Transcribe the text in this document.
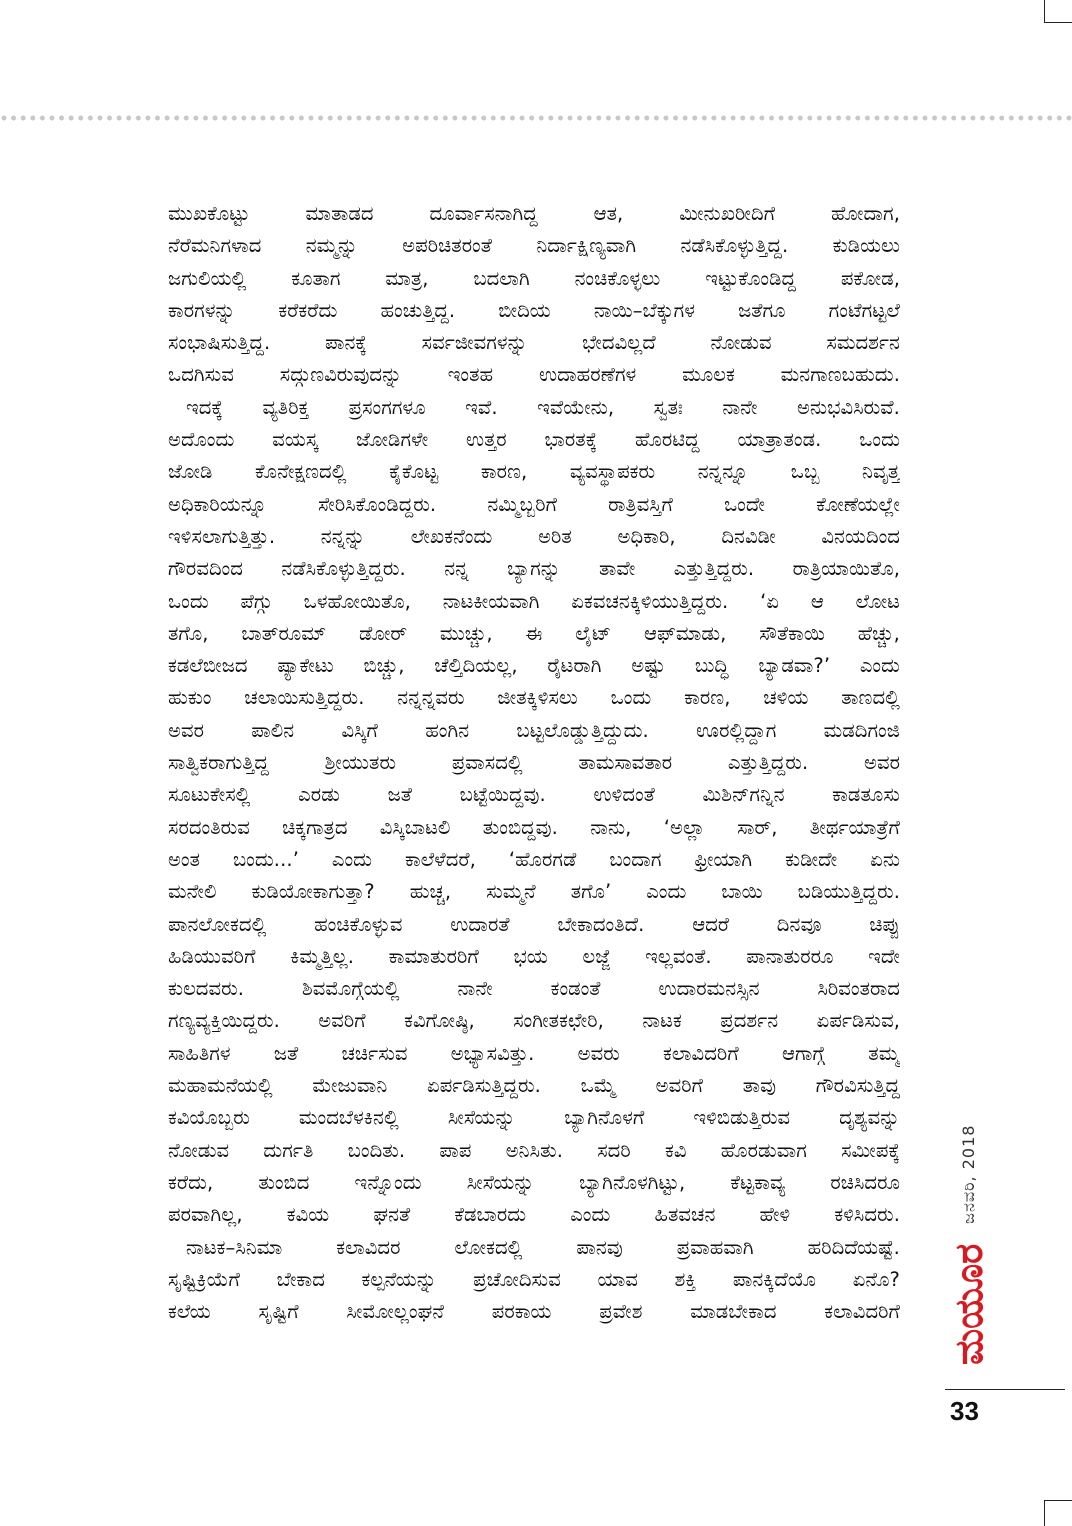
ಮುಖಕೊಟ್ಟು ಮಾತಾಡದ ದೂರ್ವಾಸನಾಗಿದ್ದ ಆತ, ಮೀನುಖರೀದಿಗೆ ಹೋದಾಗ,
ನೆರೆಮನಿಗಳಾದ ನಮ್ಮನ್ನು ಅಪರಿಚಿತರಂತೆ ನಿರ್ದಾಕ್ಷಿಣ್ಯವಾಗಿ ನಡೆಸಿಕೊಳ್ಳುತ್ತಿದ್ದ. ಕುಡಿಯಲು
ಜಗುಲಿಯಲ್ಲಿ ಕೂತಾಗ ಮಾತ್ರ, ಬದಲಾಗಿ ನಂಚಿಕೊಳ್ಳಲು ಇಟ್ಟುಕೊಂಡಿದ್ದ ಪಕೋಡ,
ಕಾರಗಳನ್ನು ಕರೆಕರೆದು ಹಂಚುತ್ತಿದ್ದ. ಬೀದಿಯ ನಾಯಿ–ಬೆಕ್ಕುಗಳ ಜತೆಗೂ ಗಂಟೆಗಟ್ಟಲೆ
ಸಂಭಾಷಿಸುತ್ತಿದ್ದ. ಪಾನಕ್ಕೆ ಸರ್ವಜೀವಗಳನ್ನು ಭೇದವಿಲ್ಲದೆ ನೋಡುವ ಸಮದರ್ಶನ
ಒದಗಿಸುವ ಸದ್ಗುಣವಿರುವುದನ್ನು ಇಂತಹ ಉದಾಹರಣೆಗಳ ಮೂಲಕ ಮನಗಾಣಬಹುದು.
ಇದಕ್ಕೆ ವ್ಯತಿರಿಕ್ತ ಪ್ರಸಂಗಗಳೂ ಇವೆ. ಇವೆಯೇನು, ಸ್ವತಃ ನಾನೇ ಅನುಭವಿಸಿರುವೆ.
ಅದೊಂದು ವಯಸ್ಕ ಜೋಡಿಗಳೇ ಉತ್ತರ ಭಾರತಕ್ಕೆ ಹೊರಟಿದ್ದ ಯಾತ್ರಾತಂಡ. ಒಂದು
ಜೋಡಿ ಕೊನೇಕ್ಷಣದಲ್ಲಿ ಕೈಕೊಟ್ಟ ಕಾರಣ, ವ್ಯವಸ್ಥಾಪಕರು ನನ್ನನ್ನೂ ಒಬ್ಬ ನಿವೃತ್ತ
ಅಧಿಕಾರಿಯನ್ನೂ ಸೇರಿಸಿಕೊಂಡಿದ್ದರು. ನಮ್ಮಿಬ್ಬರಿಗೆ ರಾತ್ರಿವಸ್ತಿಗೆ ಒಂದೇ ಕೋಣೆಯಲ್ಲೇ
ಇಳಿಸಲಾಗುತ್ತಿತ್ತು. ನನ್ನನ್ನು ಲೇಖಕನೆಂದು ಅರಿತ ಅಧಿಕಾರಿ, ದಿನವಿಡೀ ವಿನಯದಿಂದ
ಗೌರವದಿಂದ ನಡೆಸಿಕೊಳ್ಳುತ್ತಿದ್ದರು. ನನ್ನ ಬ್ಯಾಗನ್ನು ತಾವೇ ಎತ್ತುತ್ತಿದ್ದರು. ರಾತ್ರಿಯಾಯಿತೊ,
ಒಂದು ಪೆಗ್ಗು ಒಳಹೋಯಿತೊ, ನಾಟಕೀಯವಾಗಿ ಏಕವಚನಕ್ಕಿಳಿಯುತ್ತಿದ್ದರು. ‘ಏ ಆ ಲೋಟ
ತಗೊ, ಬಾತ್‌ರೂಮ್ ಡೋರ್ ಮುಚ್ಚು, ಈ ಲೈಟ್ ಆಫ್‌ಮಾಡು, ಸೌತೆಕಾಯಿ ಹೆಚ್ಚು,
ಕಡಲೆಬೀಜದ ಪ್ಯಾಕೇಟು ಬಿಚ್ಚು, ಚೆಲ್ತಿದಿಯಲ್ಲ, ರೈಟರಾಗಿ ಅಷ್ಟು ಬುದ್ಧಿ ಬ್ಯಾಡವಾ?’ ಎಂದು
ಹುಕುಂ ಚಲಾಯಿಸುತ್ತಿದ್ದರು. ನನ್ನನ್ನವರು ಜೀತಕ್ಕಿಳಿಸಲು ಒಂದು ಕಾರಣ, ಚಳಿಯ ತಾಣದಲ್ಲಿ
ಅವರ ಪಾಲಿನ ವಿಸ್ಕಿಗೆ ಹಂಗಿನ ಬಟ್ಟಲೊಡ್ಡುತ್ತಿದ್ದುದು. ಊರಲ್ಲಿದ್ದಾಗ ಮಡದಿಗಂಜಿ
ಸಾತ್ವಿಕರಾಗುತ್ತಿದ್ದ ಶ್ರೀಯುತರು ಪ್ರವಾಸದಲ್ಲಿ ತಾಮಸಾವತಾರ ಎತ್ತುತ್ತಿದ್ದರು. ಅವರ
ಸೂಟುಕೇಸಲ್ಲಿ ಎರಡು ಜತೆ ಬಟ್ಟೆಯಿದ್ದವು. ಉಳಿದಂತೆ ಮಿಶಿನ್‌ಗನ್ನಿನ ಕಾಡತೂಸು
ಸರದಂತಿರುವ ಚಿಕ್ಕಗಾತ್ರದ ವಿಸ್ಕಿಬಾಟಲಿ ತುಂಬಿದ್ದವು. ನಾನು, ‘ಅಲ್ಲಾ ಸಾರ್, ತೀರ್ಥಯಾತ್ರೆಗೆ
ಅಂತ ಬಂದು...’ ಎಂದು ಕಾಲೆಳೆದರೆ, ‘ಹೊರಗಡೆ ಬಂದಾಗ ಫ್ರೀಯಾಗಿ ಕುಡೀದೇ ಏನು
ಮನೇಲಿ ಕುಡಿಯೋಕಾಗುತ್ತಾ? ಹುಚ್ಚ, ಸುಮ್ಮನೆ ತಗೊ’ ಎಂದು ಬಾಯಿ ಬಡಿಯುತ್ತಿದ್ದರು.
ಪಾನಲೋಕದಲ್ಲಿ ಹಂಚಿಕೊಳ್ಳುವ ಉದಾರತೆ ಬೇಕಾದಂತಿದೆ. ಆದರೆ ದಿನವೂ ಚಿಪ್ಪು
ಹಿಡಿಯುವರಿಗೆ ಕಿಮ್ಮತ್ತಿಲ್ಲ. ಕಾಮಾತುರರಿಗೆ ಭಯ ಲಜ್ಜೆ ಇಲ್ಲವಂತೆ. ಪಾನಾತುರರೂ ಇದೇ
ಕುಲದವರು. ಶಿವಮೊಗ್ಗೆಯಲ್ಲಿ ನಾನೇ ಕಂಡಂತೆ ಉದಾರಮನಸ್ಸಿನ ಸಿರಿವಂತರಾದ
ಗಣ್ಯವ್ಯಕ್ತಿಯಿದ್ದರು. ಅವರಿಗೆ ಕವಿಗೋಷ್ಠಿ, ಸಂಗೀತಕಛೇರಿ, ನಾಟಕ ಪ್ರದರ್ಶನ ಏರ್ಪಡಿಸುವ,
ಸಾಹಿತಿಗಳ ಜತೆ ಚರ್ಚಿಸುವ ಅಭ್ಯಾಸವಿತ್ತು. ಅವರು ಕಲಾವಿದರಿಗೆ ಆಗಾಗ್ಗೆ ತಮ್ಮ
ಮಹಾಮನೆಯಲ್ಲಿ ಮೇಜುವಾನಿ ಏರ್ಪಡಿಸುತ್ತಿದ್ದರು. ಒಮ್ಮೆ ಅವರಿಗೆ ತಾವು ಗೌರವಿಸುತ್ತಿದ್ದ
ಕವಿಯೊಬ್ಬರು ಮಂದಬೆಳಕಿನಲ್ಲಿ ಸೀಸೆಯನ್ನು ಬ್ಯಾಗಿನೊಳಗೆ ಇಳಿಬಿಡುತ್ತಿರುವ ದೃಶ್ಯವನ್ನು
ನೋಡುವ ದುರ್ಗತಿ ಬಂದಿತು. ಪಾಪ ಅನಿಸಿತು. ಸದರಿ ಕವಿ ಹೊರಡುವಾಗ ಸಮೀಪಕ್ಕೆ
ಕರೆದು, ತುಂಬಿದ ಇನ್ನೊಂದು ಸೀಸೆಯನ್ನು ಬ್ಯಾಗಿನೊಳಗಿಟ್ಟು, ಕೆಟ್ಟಕಾವ್ಯ ರಚಿಸಿದರೂ
ಪರವಾಗಿಲ್ಲ, ಕವಿಯ ಘನತೆ ಕೆಡಬಾರದು ಎಂದು ಹಿತವಚನ ಹೇಳಿ ಕಳಿಸಿದರು.
ನಾಟಕ–ಸಿನಿಮಾ ಕಲಾವಿದರ ಲೋಕದಲ್ಲಿ ಪಾನವು ಪ್ರವಾಹವಾಗಿ ಹರಿದಿದೆಯಷ್ಟೆ.
ಸೃಷ್ಟಿಕ್ರಿಯೆಗೆ ಬೇಕಾದ ಕಲ್ಪನೆಯನ್ನು ಪ್ರಚೋದಿಸುವ ಯಾವ ಶಕ್ತಿ ಪಾನಕ್ಕಿದೆಯೊ ಏನೊ?
ಕಲೆಯ ಸೃಷ್ಟಿಗೆ ಸೀಮೋಲ್ಲಂಘನೆ ಪರಕಾಯ ಪ್ರವೇಶ ಮಾಡಬೇಕಾದ ಕಲಾವಿದರಿಗೆ ಮಯೂರ
ಜನವರಿ, 2018
33
